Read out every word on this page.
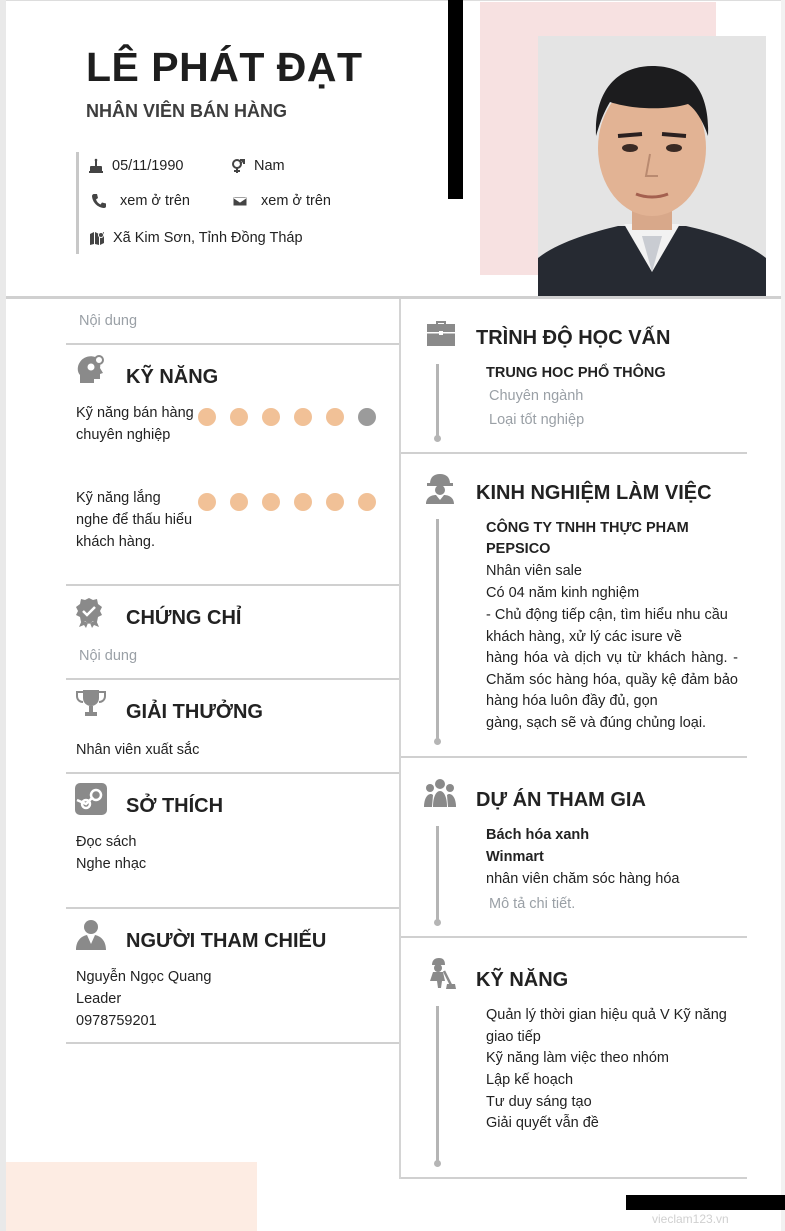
LÊ PHÁT ĐẠT
NHÂN VIÊN BÁN HÀNG
05/11/1990	Nam
xem ở trên	xem ở trên
Xã Kim Sơn, Tỉnh Đồng Tháp
Nội dung
KỸ NĂNG
Kỹ năng bán hàng chuyên nghiệp
Kỹ năng lắng nghe để thấu hiểu khách hàng.
CHỨNG CHỈ
Nội dung
GIẢI THƯỞNG
Nhân viên xuất sắc
SỞ THÍCH
Đọc sách
Nghe nhạc
NGƯỜI THAM CHIẾU
Nguyễn Ngọc Quang
Leader
0978759201
TRÌNH ĐỘ HỌC VẤN
TRUNG HOC PHỔ THÔNG
Chuyên ngành
Loại tốt nghiệp
KINH NGHIỆM LÀM VIỆC
CÔNG TY TNHH THỰC PHAM
PEPSICO
Nhân viên sale
Có 04 năm kinh nghiệm
- Chủ động tiếp cận, tìm hiểu nhu cầu khách hàng, xử lý các isure về
hàng hóa và dịch vụ từ khách hàng. - Chăm sóc hàng hóa, quầy kệ đảm bảo hàng hóa luôn đầy đủ, gọn
gàng, sạch sẽ và đúng chủng loại.
DỰ ÁN THAM GIA
Bách hóa xanh
Winmart
nhân viên chăm sóc hàng hóa
Mô tả chi tiết.
KỸ NĂNG
Quản lý thời gian hiệu quả V Kỹ năng giao tiếp
Kỹ năng làm việc theo nhóm
Lập kế hoạch
Tư duy sáng tạo
Giải quyết vẫn đề
vieclam123.vn
